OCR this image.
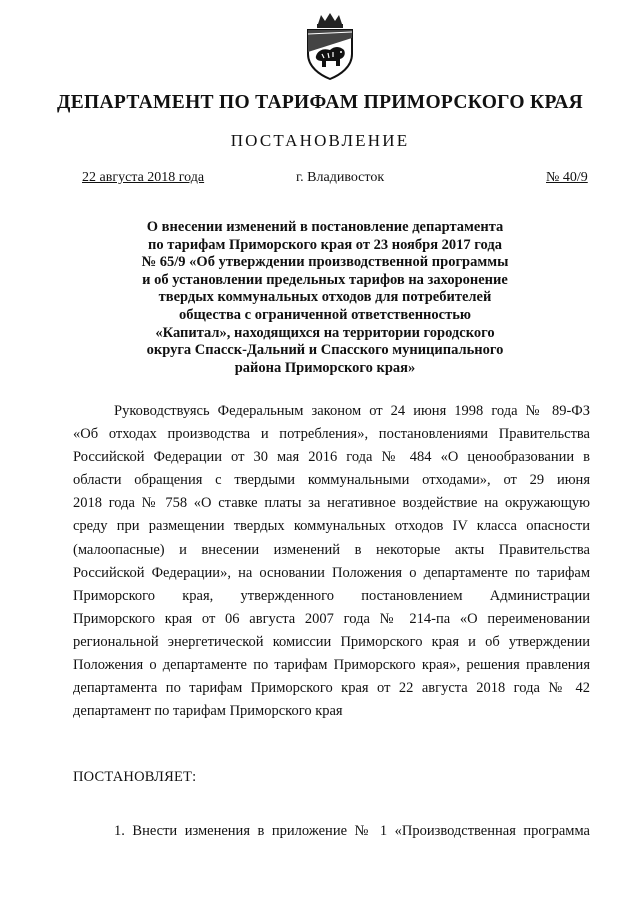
ДЕПАРТАМЕНТ ПО ТАРИФАМ ПРИМОРСКОГО КРАЯ
ПОСТАНОВЛЕНИЕ
22 августа 2018 года	г. Владивосток	№ 40/9
О внесении изменений в постановление департамента
по тарифам Приморского края от 23 ноября 2017 года
№ 65/9 «Об утверждении производственной программы
и об установлении предельных тарифов на захоронение
твердых коммунальных отходов для потребителей
общества с ограниченной ответственностью
«Капитал», находящихся на территории городского
округа Спасск-Дальний и Спасского муниципального
района Приморского края»
Руководствуясь Федеральным законом от 24 июня 1998 года № 89-ФЗ
«Об отходах производства и потребления», постановлениями Правительства
Российской Федерации от 30 мая 2016 года № 484 «О ценообразовании в
области обращения с твердыми коммунальными отходами», от 29 июня
2018 года № 758 «О ставке платы за негативное воздействие на окружающую
среду при размещении твердых коммунальных отходов IV класса опасности
(малоопасные) и внесении изменений в некоторые акты Правительства
Российской Федерации», на основании Положения о департаменте по тарифам
Приморского края, утвержденного постановлением Администрации
Приморского края от 06 августа 2007 года № 214-па «О переименовании
региональной энергетической комиссии Приморского края и об утверждении
Положения о департаменте по тарифам Приморского края», решения правления
департамента по тарифам Приморского края от 22 августа 2018 года № 42
департамент по тарифам Приморского края
ПОСТАНОВЛЯЕТ:
1. Внести изменения в приложение № 1 «Производственная программа
